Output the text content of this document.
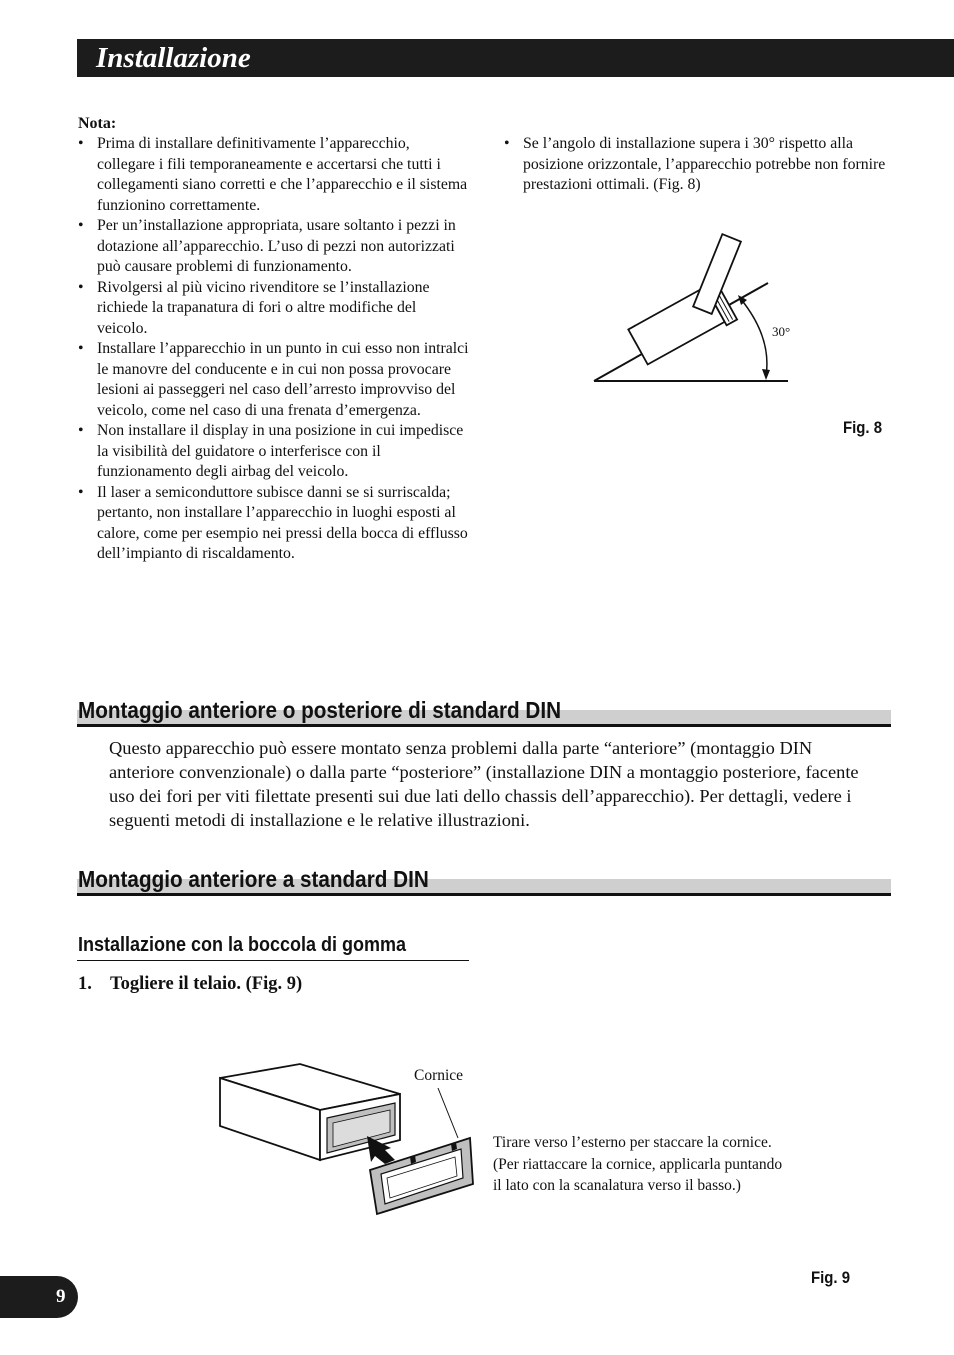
Installazione
Nota:
• Prima di installare definitivamente l’apparecchio, collegare i fili temporaneamente e accertarsi che tutti i collegamenti siano corretti e che l’apparecchio e il sistema funzionino correttamente.
• Per un’installazione appropriata, usare soltanto i pezzi in dotazione all’apparecchio. L’uso di pezzi non autorizzati può causare problemi di funzionamento.
• Rivolgersi al più vicino rivenditore se l’installazione richiede la trapanatura di fori o altre modifiche del veicolo.
• Installare l’apparecchio in un punto in cui esso non intralci le manovre del conducente e in cui non possa provocare lesioni ai passeggeri nel caso dell’arresto improvviso del veicolo, come nel caso di una frenata d’emergenza.
• Non installare il display in una posizione in cui impedisce la visibilità del guidatore o interferisce con il funzionamento degli airbag del veicolo.
• Il laser a semiconduttore subisce danni se si surriscalda; pertanto, non installare l’apparecchio in luoghi esposti al calore, come per esempio nei pressi della bocca di efflusso dell’impianto di riscaldamento.
• Se l’angolo di installazione supera i 30° rispetto alla posizione orizzontale, l’apparecchio potrebbe non fornire prestazioni ottimali. (Fig. 8)
30°
Fig. 8
Montaggio anteriore o posteriore di standard DIN
Questo apparecchio può essere montato senza problemi dalla parte “anteriore” (montaggio DIN anteriore convenzionale) o dalla parte “posteriore” (installazione DIN a montaggio posteriore, facente uso dei fori per viti filettate presenti sui due lati dello chassis dell’apparecchio). Per dettagli, vedere i seguenti metodi di installazione e le relative illustrazioni.
Montaggio anteriore a standard DIN
Installazione con la boccola di gomma
1. Togliere il telaio. (Fig. 9)
Cornice
Tirare verso l’esterno per staccare la cornice. (Per riattaccare la cornice, applicarla puntando il lato con la scanalatura verso il basso.)
Fig. 9
9
